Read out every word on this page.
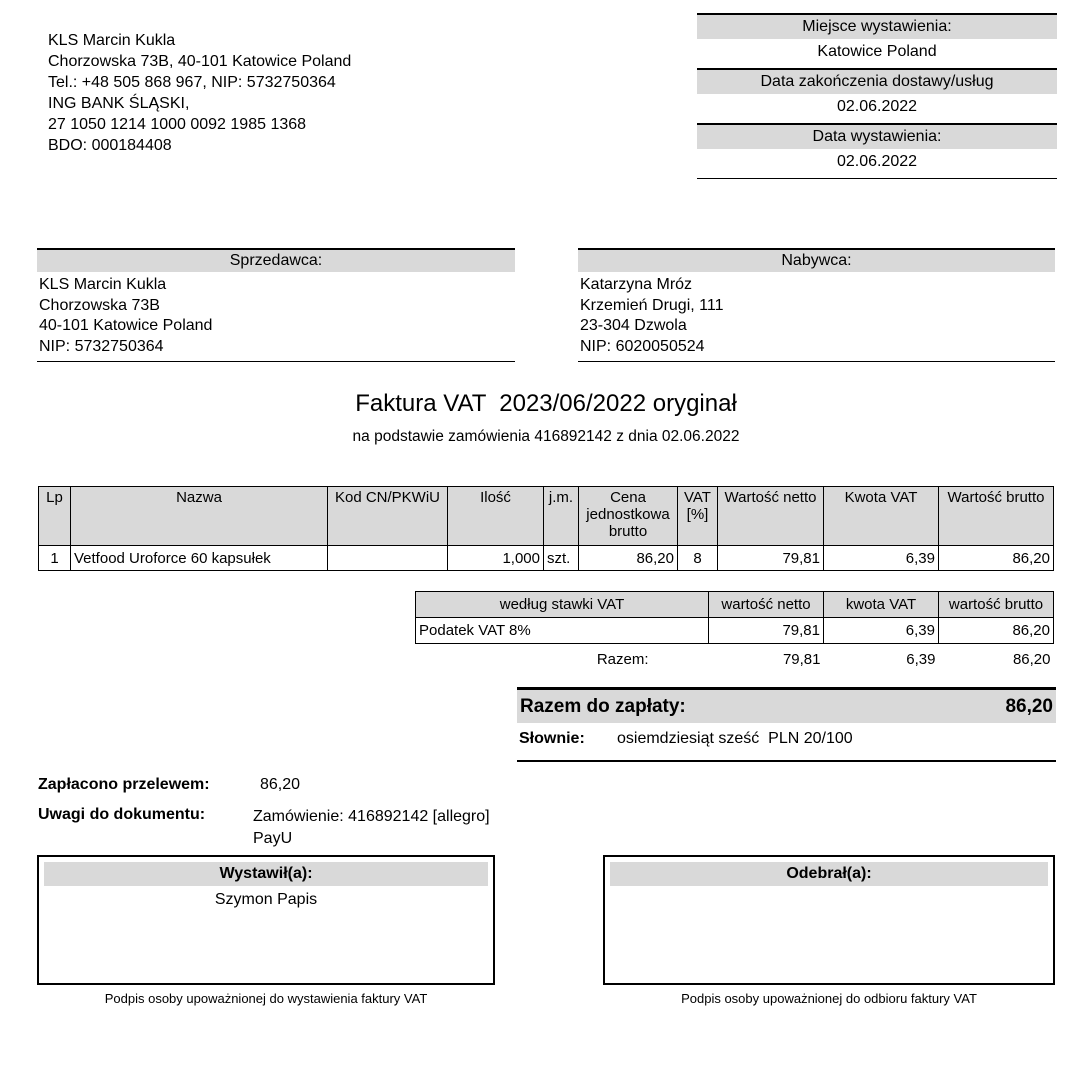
KLS Marcin Kukla
Chorzowska 73B, 40-101 Katowice Poland
Tel.: +48 505 868 967, NIP: 5732750364
ING BANK ŚLĄSKI,
27 1050 1214 1000 0092 1985 1368
BDO: 000184408
Miejsce wystawienia:
Katowice Poland
Data zakończenia dostawy/usług
02.06.2022
Data wystawienia:
02.06.2022
Sprzedawca:
KLS Marcin Kukla
Chorzowska 73B
40-101 Katowice Poland
NIP: 5732750364
Nabywca:
Katarzyna Mróz
Krzemień Drugi, 111
23-304 Dzwola
NIP: 6020050524
Faktura VAT  2023/06/2022 oryginał
na podstawie zamówienia 416892142 z dnia 02.06.2022
Lp	Nazwa	Kod CN/PKWiU	Ilość	j.m.	Cena jednostkowa brutto	VAT [%]	Wartość netto	Kwota VAT	Wartość brutto
1	Vetfood Uroforce 60 kapsułek		1,000	szt.	86,20	8	79,81	6,39	86,20
według stawki VAT	wartość netto	kwota VAT	wartość brutto
Podatek VAT 8%	79,81	6,39	86,20
Razem:	79,81	6,39	86,20
Razem do zapłaty:	86,20
Słownie:	osiemdziesiąt sześć  PLN 20/100
Zapłacono przelewem:	86,20
Uwagi do dokumentu:	Zamówienie: 416892142 [allegro]
PayU
Wystawił(a):
Szymon Papis
Podpis osoby upoważnionej do wystawienia faktury VAT
Odebrał(a):
Podpis osoby upoważnionej do odbioru faktury VAT
